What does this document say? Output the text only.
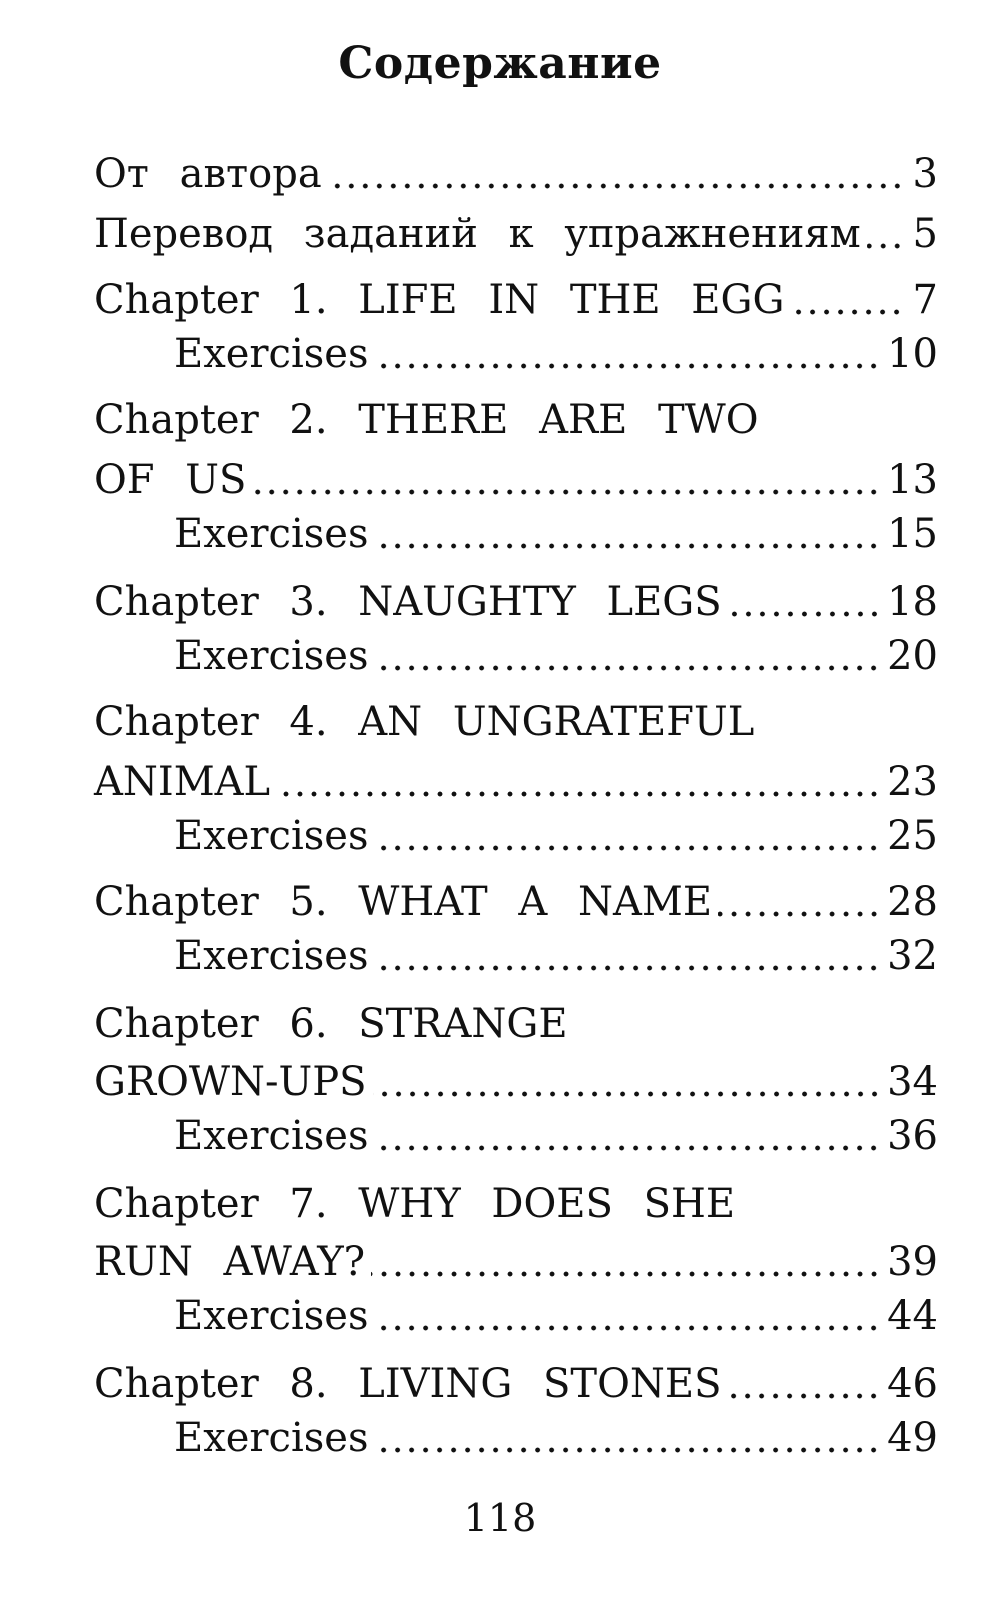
Содержание
От автора	3
Перевод заданий к упражнениям 5
Chapter 1. LIFE IN THE EGG	7
Exercises	10
Chapter 2. THERE ARE TWO
OF US	13
Exercises	15
Chapter 3. NAUGHTY LEGS	18
Exercises	20
Chapter 4. AN UNGRATEFUL
ANIMAL	23
Exercises	25
Chapter 5. WHAT A NAME	28
Exercises	32
Chapter 6. STRANGE
GROWN-UPS	34
Exercises	36
Chapter 7. WHY DOES SHE
RUN AWAY?	39
Exercises	44
Chapter 8. LIVING STONES	46
Exercises	49
118
